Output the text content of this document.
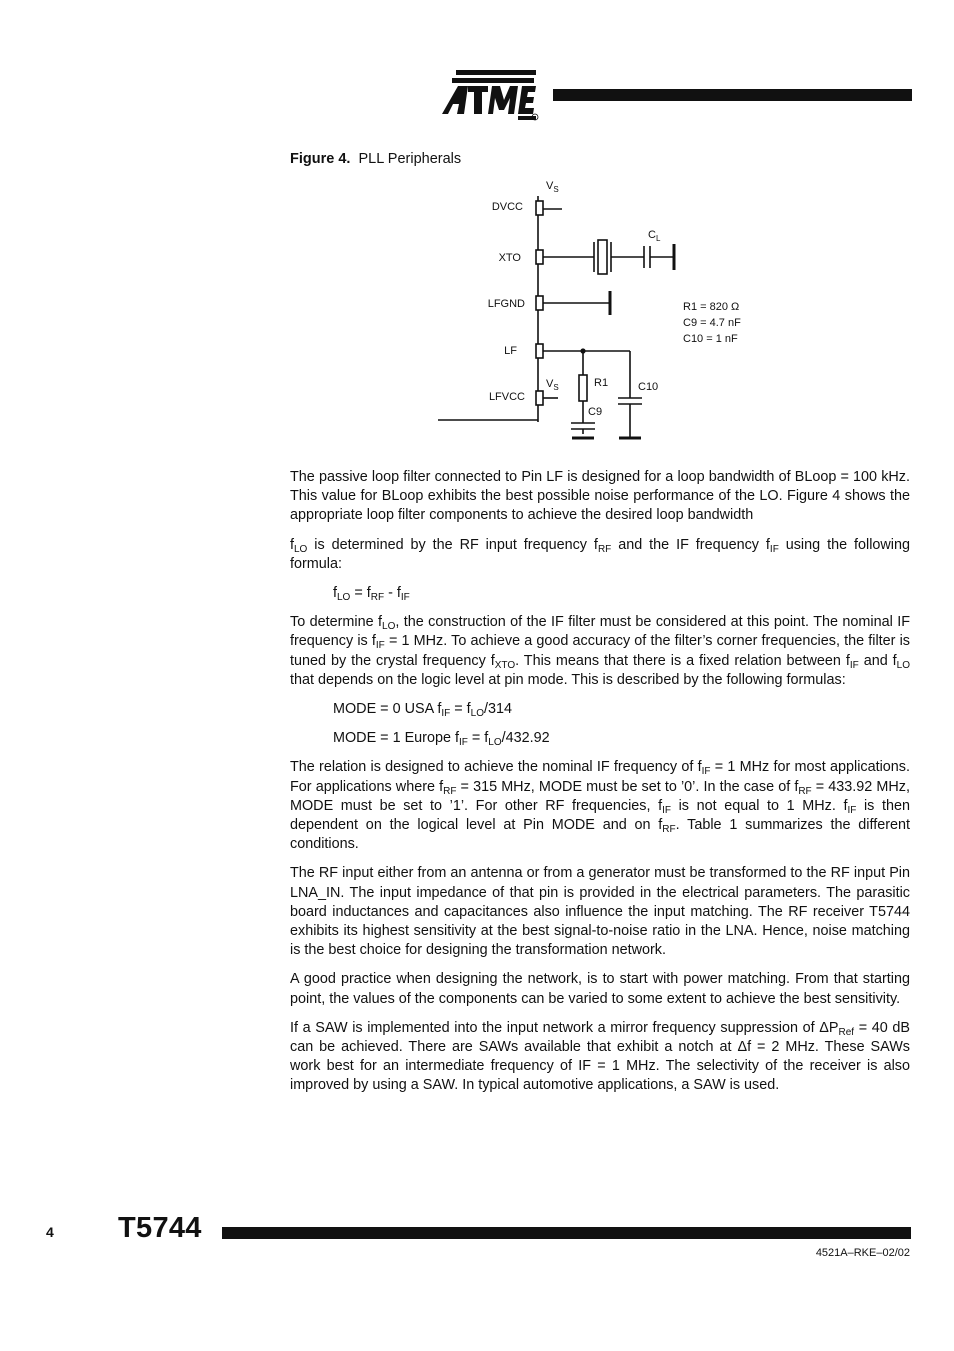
Figure 4. PLL Peripherals
DVCC
XTO
LFGND
LF
LFVCC
$V_S$
$V_S$
$C_L$
R1
C9
C10
R1 = 820 Ω
C9 = 4.7 nF
C10 = 1 nF

The passive loop filter connected to Pin LF is designed for a loop bandwidth of BLoop = 100 kHz. This value for BLoop exhibits the best possible noise performance of the LO. Figure 4 shows the appropriate loop filter components to achieve the desired loop bandwidth

$f_{LO}$ is determined by the RF input frequency $f_{RF}$ and the IF frequency $f_{IF}$ using the following formula:

$f_{LO} = f_{RF} - f_{IF}$

To determine $f_{LO}$, the construction of the IF filter must be considered at this point. The nominal IF frequency is $f_{IF} = 1$ MHz. To achieve a good accuracy of the filter’s corner frequencies, the filter is tuned by the crystal frequency $f_{XTO}$. This means that there is a fixed relation between $f_{IF}$ and $f_{LO}$ that depends on the logic level at pin mode. This is described by the following formulas:

MODE = 0 USA $f_{IF} = f_{LO}/314$

MODE = 1 Europe $f_{IF} = f_{LO}/432.92$

The relation is designed to achieve the nominal IF frequency of $f_{IF} = 1$ MHz for most applications. For applications where $f_{RF} = 315$ MHz, MODE must be set to ’0’. In the case of $f_{RF} = 433.92$ MHz, MODE must be set to ’1’. For other RF frequencies, $f_{IF}$ is not equal to 1 MHz. $f_{IF}$ is then dependent on the logical level at Pin MODE and on $f_{RF}$. Table 1 summarizes the different conditions.

The RF input either from an antenna or from a generator must be transformed to the RF input Pin LNA_IN. The input impedance of that pin is provided in the electrical parameters. The parasitic board inductances and capacitances also influence the input matching. The RF receiver T5744 exhibits its highest sensitivity at the best signal-to-noise ratio in the LNA. Hence, noise matching is the best choice for designing the transformation network.

A good practice when designing the network, is to start with power matching. From that starting point, the values of the components can be varied to some extent to achieve the best sensitivity.

If a SAW is implemented into the input network a mirror frequency suppression of $\Delta P_{Ref} = 40$ dB can be achieved. There are SAWs available that exhibit a notch at Δf = 2 MHz. These SAWs work best for an intermediate frequency of IF = 1 MHz. The selectivity of the receiver is also improved by using a SAW. In typical automotive applications, a SAW is used.

4 T5744
4521A–RKE–02/02
